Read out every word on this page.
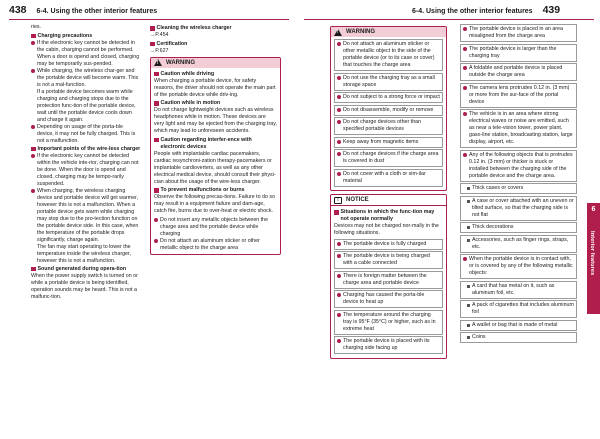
438 6-4. Using the other interior features	6-4. Using the other interior features 439

ries.

Charging precautions
If the electronic key cannot be detected in the cabin, charging cannot be performed. When a door is opend and closed, charging may be temporarily sus-pended.
While charging, the wireless char-ger and the portable device will become warm. This is not a mal-function.
If a portable device becomes warm while charging and charging stops due to the protection func-tion of the portable device, wait until the portable device cools down and charge it again.
Depending on usage of the porta-ble device, it may not be fully charged. This is not a malfunction.
Important points of the wire-less charger
If the electronic key cannot be detected within the vehicle inte-rior, charging can not be done. When the door is opend and closed, charging may be tempo-rarily suspended.
When charging, the wireless charging device and portable device will get warmer, however this is not a malfunction. When a portable device gets warm while charging may stop due to the pro-tection function on the portable device side. In this case, when the temperature of the portable drops significantly, charge again.
The fan may start operating to lower the temperature inside the wireless charger, however this is not a malfunction.
Sound generated during opera-tion

When the power supply switch is turned on or while a portable device is being identified, operation sounds may be heard. This is not a malfunc-tion.

Cleaning the wireless charger

→P.454

Certification

→P.627

!
WARNING
Caution while driving

When charging a portable device, for safety reasons, the driver should not operate the main part of the portable device while driv-ing.

Caution while in motion

Do not charge lightweight devices such as wireless headphones while in motion. These devices are very light and may be ejected from the charging tray, which may lead to unforeseen accidents.

Caution regarding interfer-ence with electronic devices

People with implantable cardiac pacemakers, cardiac resynchroni-zation therapy-pacemakers or implantable cardioverters, as well as any other electrical medical device, should consult their physi-cian about the usage of the wire-less charger.

To prevent malfunctions or burns

Observe the following precau-tions. Failure to do so may result in a equipment failure and dam-age, catch fire, burns due to over-heat or electric shock.

Do not insert any metallic objects between the charge area and the portable device while charging
Do not attach an aluminum sticker or other metallic object to the charge area
!
WARNING
Do not attach an aluminum sticker or other metallic object to the side of the portable device (or to its case or cover) that touches the charge area
Do not use the charging tray as a small storage space
Do not subject to a strong force or impact
Do not disassemble, modify or remove
Do not charge devices other than specified portable devices
Keep away from magnetic items
Do not charge devices if the charge area is covered in dust
Do not cover with a cloth or sim-ilar material
!	NOTICE
Situations in which the func-tion may not operate normally

Devices may not be charged nor-mally in the following situations.

The portable device is fully charged
The portable device is being charged with a cable connected
There is foreign matter between the charge area and portable device
Charging has caused the porta-ble device to heat up
The temperature around the charging tray is 95°F (35°C) or higher, such as in extreme heat
The portable device is placed with its charging side facing up
The portable device is placed in an area misaligned from the charge area
The portable device is larger than the charging tray
A foldable and portable device is placed outside the charge area
The camera lens protrudes 0.12 in. (3 mm) or more from the sur-face of the portal device
The vehicle is in an area where strong electrical waves or noise are emitted, such as near a tele-vision tower, power plant, gaso-line station, broadcasting station, large display, airport, etc.
Any of the following objects that is protrudes 0.12 in. (3 mm) or thicker is stuck or installed between the charging side of the portable device and the charge area.
Thick cases or covers
A case or cover attached with an uneven or tilted surface, so that the charging side is not flat
Thick decorations
Accessories, such as finger rings, straps, etc.
When the portable device is in contact with, or is covered by any of the following metallic objects:
A card that has metal on it, such as aluminum foil, etc.
A pack of cigarettes that includes aluminum foil
A wallet or bag that is made of metal
Coins
6
Interior features
